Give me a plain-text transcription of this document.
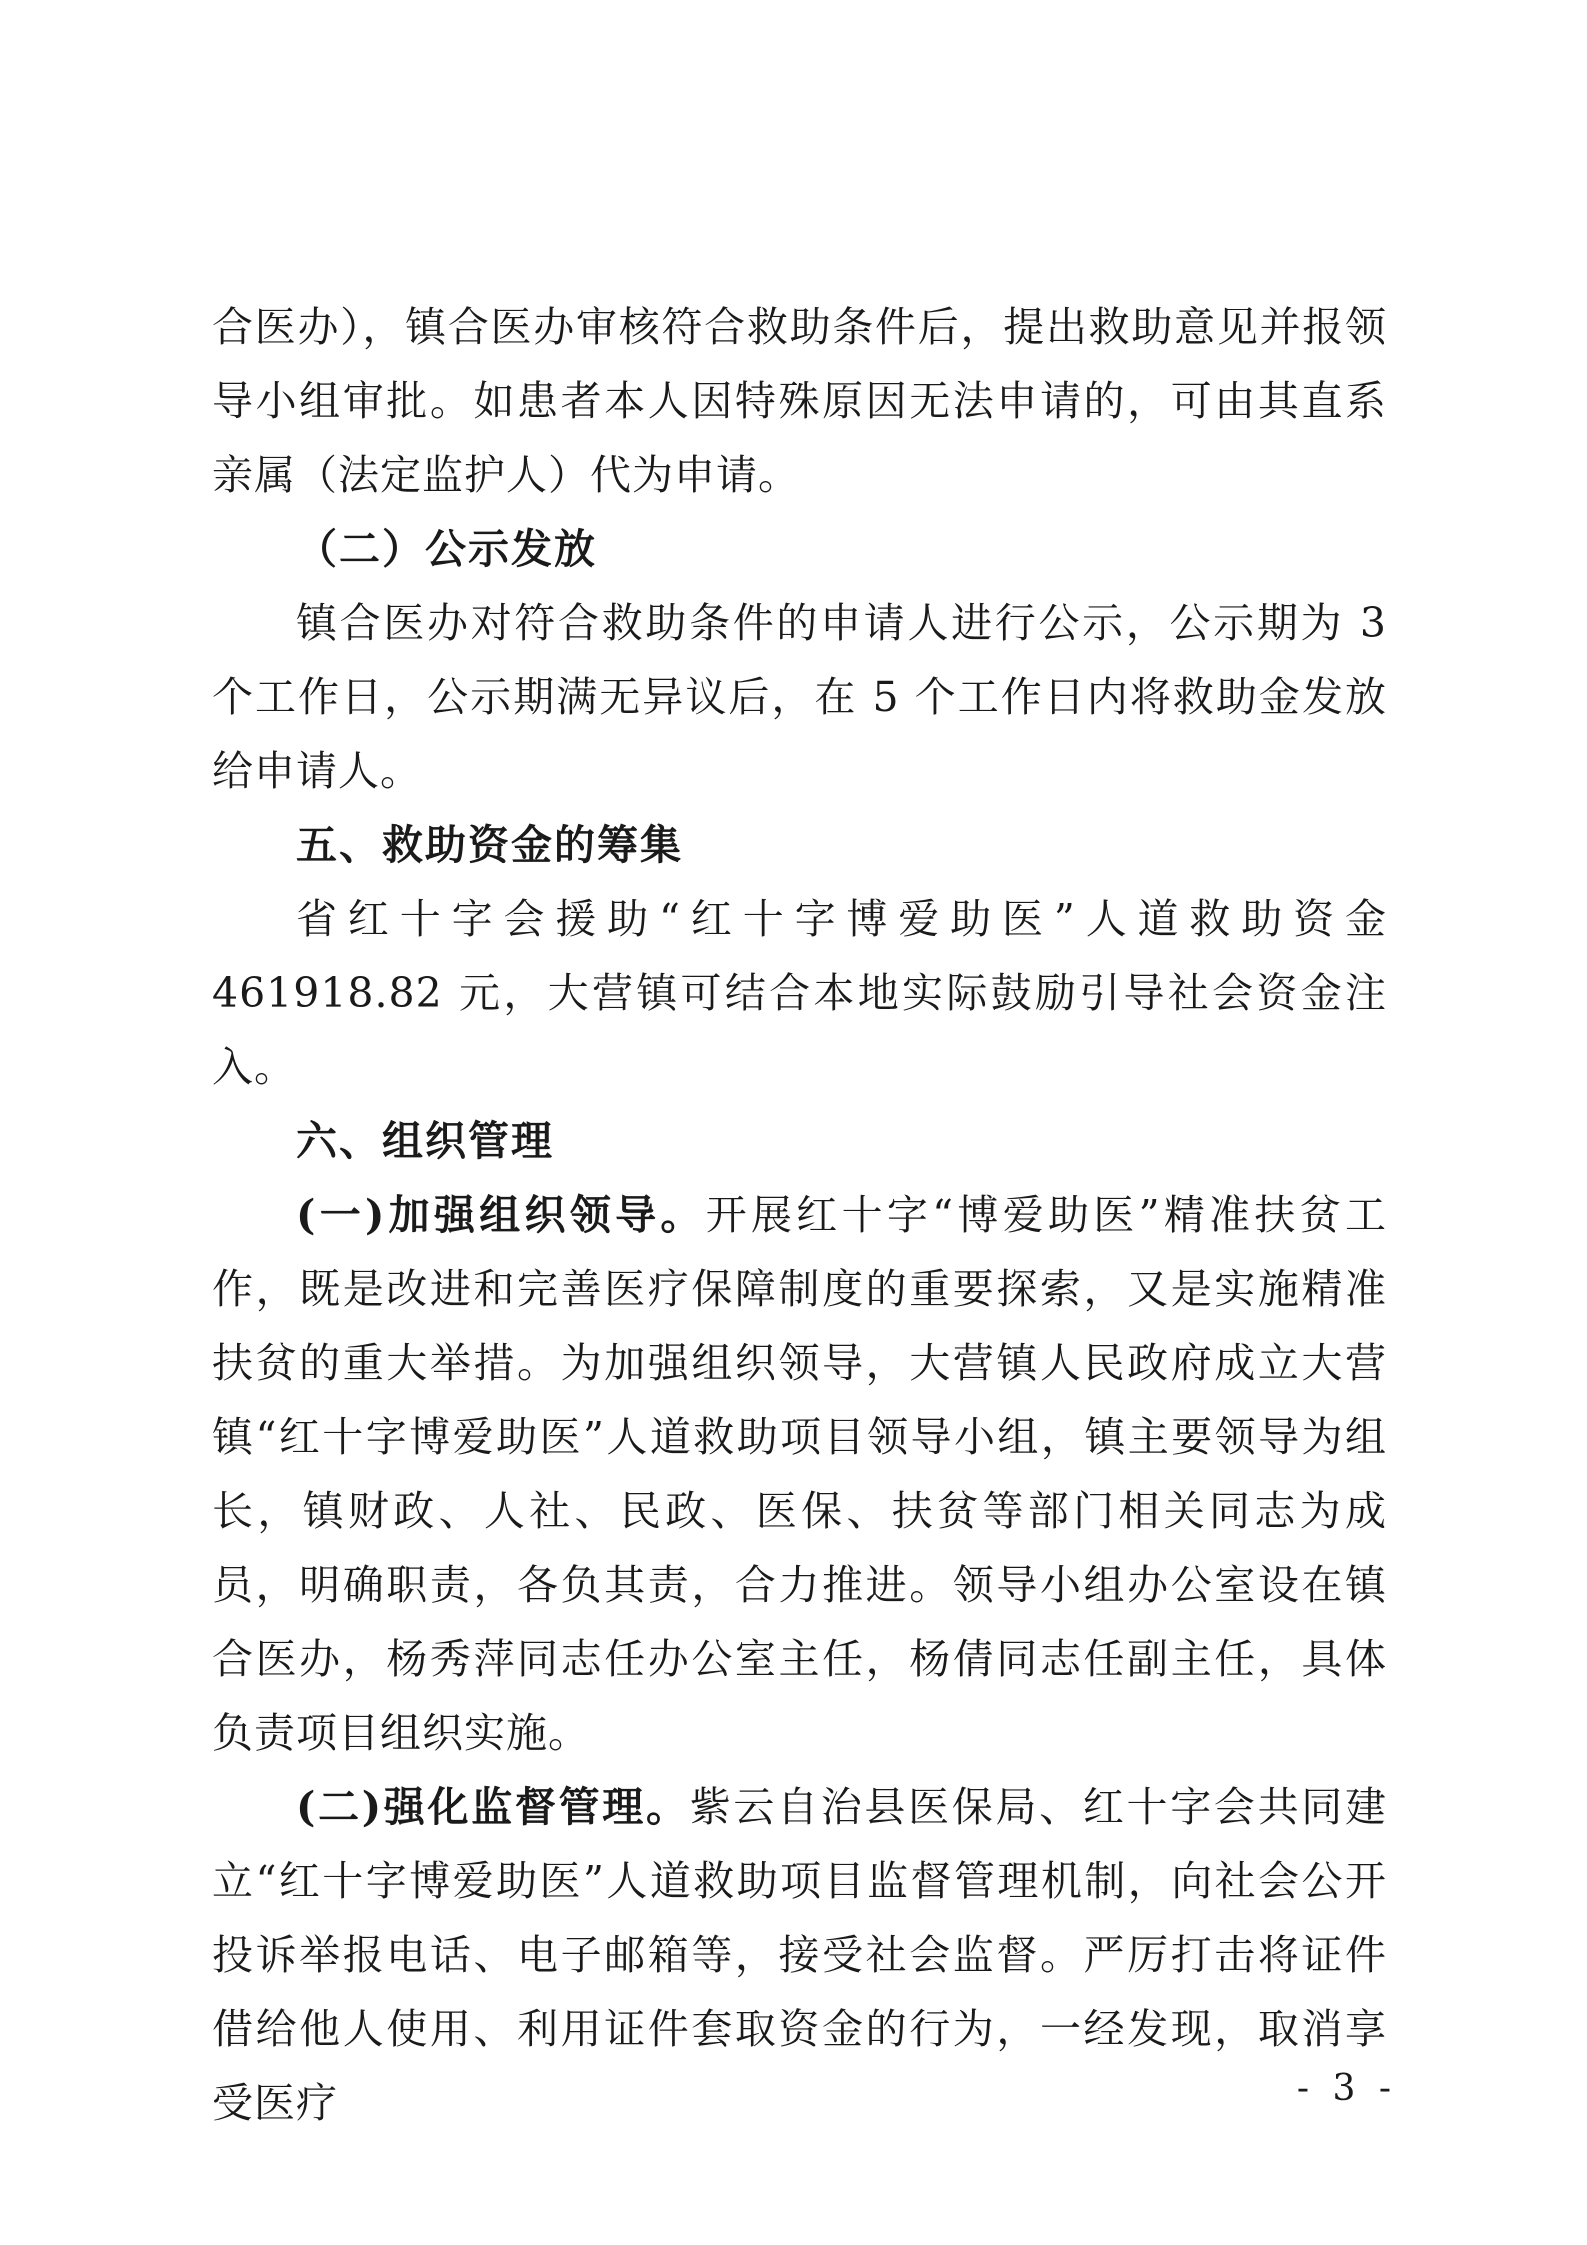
合医办），镇合医办审核符合救助条件后，提出救助意见并报领导小组审批。如患者本人因特殊原因无法申请的，可由其直系亲属（法定监护人）代为申请。

（二）公示发放

镇合医办对符合救助条件的申请人进行公示，公示期为 3 个工作日，公示期满无异议后，在 5 个工作日内将救助金发放给申请人。

五、救助资金的筹集

省红十字会援助“红十字博爱助医”人道救助资金 461918.82 元，大营镇可结合本地实际鼓励引导社会资金注入。

六、组织管理

(一)加强组织领导。开展红十字“博爱助医”精准扶贫工作，既是改进和完善医疗保障制度的重要探索，又是实施精准扶贫的重大举措。为加强组织领导，大营镇人民政府成立大营镇“红十字博爱助医”人道救助项目领导小组，镇主要领导为组长，镇财政、人社、民政、医保、扶贫等部门相关同志为成员，明确职责，各负其责，合力推进。领导小组办公室设在镇合医办，杨秀萍同志任办公室主任，杨倩同志任副主任，具体负责项目组织实施。

(二)强化监督管理。紫云自治县医保局、红十字会共同建立“红十字博爱助医”人道救助项目监督管理机制，向社会公开投诉举报电话、电子邮箱等，接受社会监督。严厉打击将证件借给他人使用、利用证件套取资金的行为，一经发现，取消享受医疗	- 3 -
